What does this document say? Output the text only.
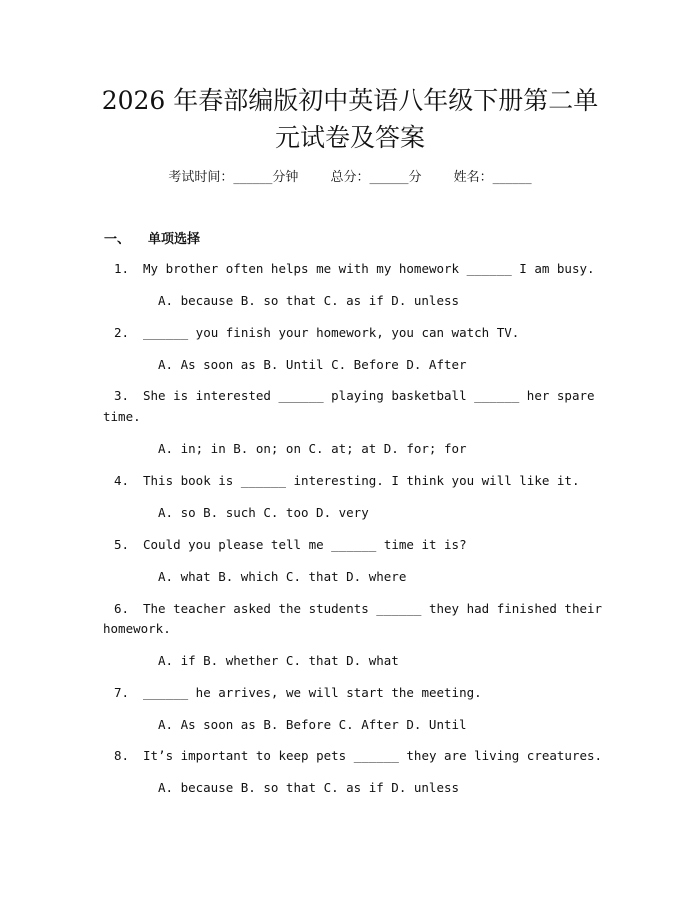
2026 年春部编版初中英语八年级下册第二单
元试卷及答案
考试时间：______分钟 总分：______分 姓名：______
一、 单项选择
1. My brother often helps me with my homework ______ I am busy.
A. because B. so that C. as if D. unless
2. ______ you finish your homework, you can watch TV.
A. As soon as B. Until C. Before D. After
3. She is interested ______ playing basketball ______ her spare
time.
A. in; in B. on; on C. at; at D. for; for
4. This book is ______ interesting. I think you will like it.
A. so B. such C. too D. very
5. Could you please tell me ______ time it is?
A. what B. which C. that D. where
6. The teacher asked the students ______ they had finished their
homework.
A. if B. whether C. that D. what
7. ______ he arrives, we will start the meeting.
A. As soon as B. Before C. After D. Until
8. It’s important to keep pets ______ they are living creatures.
A. because B. so that C. as if D. unless
